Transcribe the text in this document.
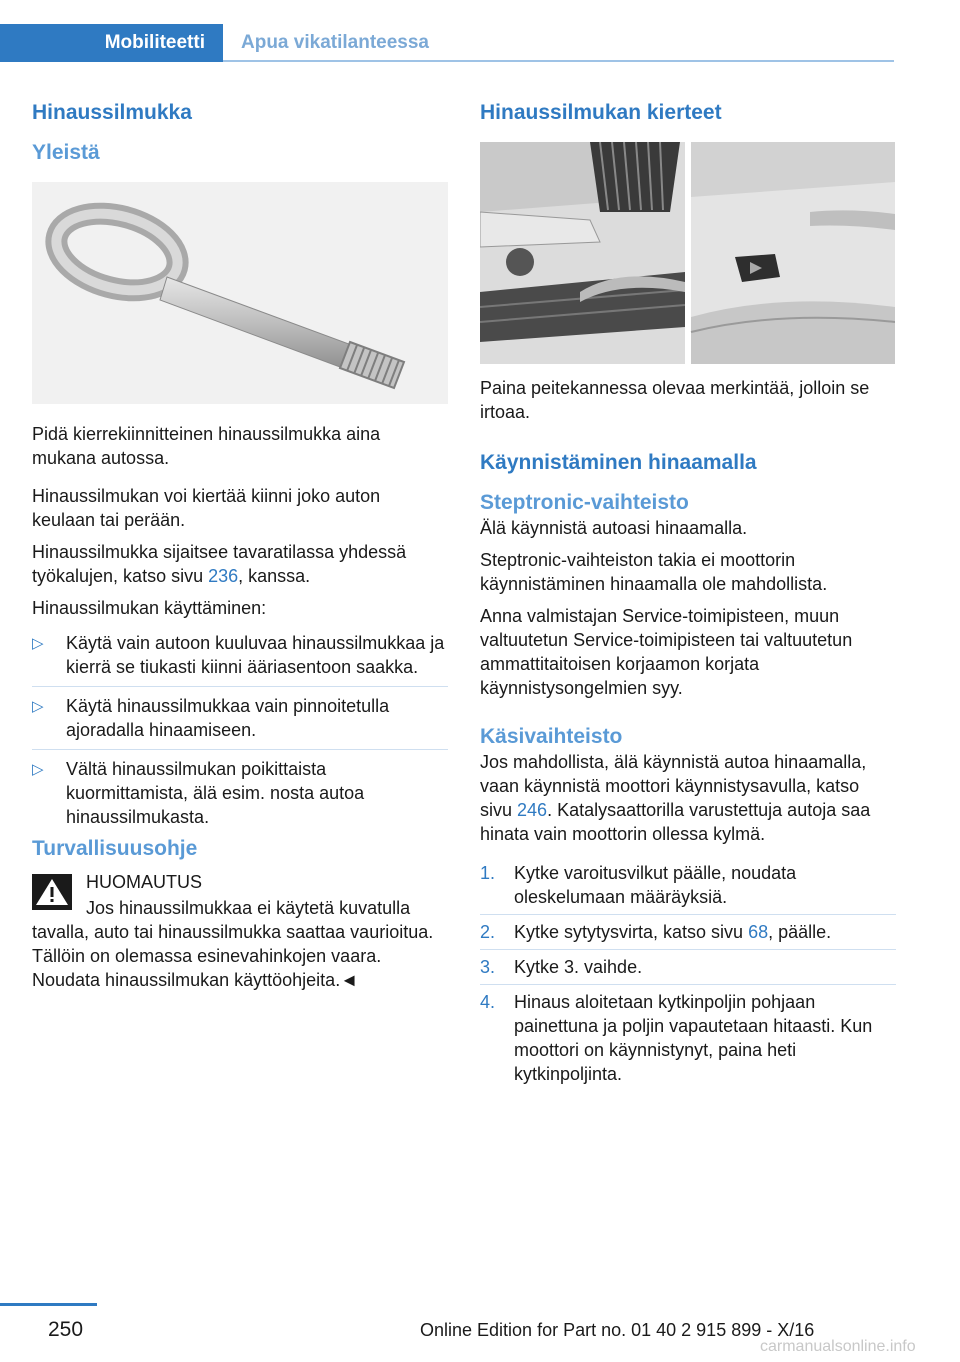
Mobiliteetti	Apua vikatilanteessa
Hinaussilmukka
Yleistä

Pidä kierrekiinnitteinen hinaussilmukka aina mukana autossa.

Hinaussilmukan voi kiertää kiinni joko auton keulaan tai perään.

Hinaussilmukka sijaitsee tavaratilassa yhdessä työkalujen, katso sivu 236, kanssa.

Hinaussilmukan käyttäminen:

▷ Käytä vain autoon kuuluvaa hinaussilmukkaa ja kierrä se tiukasti kiinni ääriasentoon saakka.
▷ Käytä hinaussilmukkaa vain pinnoitetulla ajoradalla hinaamiseen.
▷ Vältä hinaussilmukan poikittaista kuormittamista, älä esim. nosta autoa hinaussilmukasta.
Turvallisuusohje

HUOMAUTUS

Jos hinaussilmukkaa ei käytetä kuvatulla tavalla, auto tai hinaussilmukka saattaa vaurioitua. Tällöin on olemassa esinevahinkojen vaara. Noudata hinaussilmukan käyttöohjeita.◄

Hinaussilmukan kierteet

Paina peitekannessa olevaa merkintää, jolloin se irtoaa.

Käynnistäminen hinaamalla
Steptronic-vaihteisto

Älä käynnistä autoasi hinaamalla.

Steptronic-vaihteiston takia ei moottorin käynnistäminen hinaamalla ole mahdollista.

Anna valmistajan Service-toimipisteen, muun valtuutetun Service-toimipisteen tai valtuutetun ammattitaitoisen korjaamon korjata käynnistysongelmien syy.

Käsivaihteisto

Jos mahdollista, älä käynnistä autoa hinaamalla, vaan käynnistä moottori käynnistysavulla, katso sivu 246. Katalysaattorilla varustettuja autoja saa hinata vain moottorin ollessa kylmä.

1. Kytke varoitusvilkut päälle, noudata oleskelumaan määräyksiä.
2. Kytke sytytysvirta, katso sivu 68, päälle.
3. Kytke 3. vaihde.
4. Hinaus aloitetaan kytkinpoljin pohjaan painettuna ja poljin vapautetaan hitaasti. Kun moottori on käynnistynyt, paina heti kytkinpoljinta.
250	Online Edition for Part no. 01 40 2 915 899 - X/16
carmanualsonline.info
